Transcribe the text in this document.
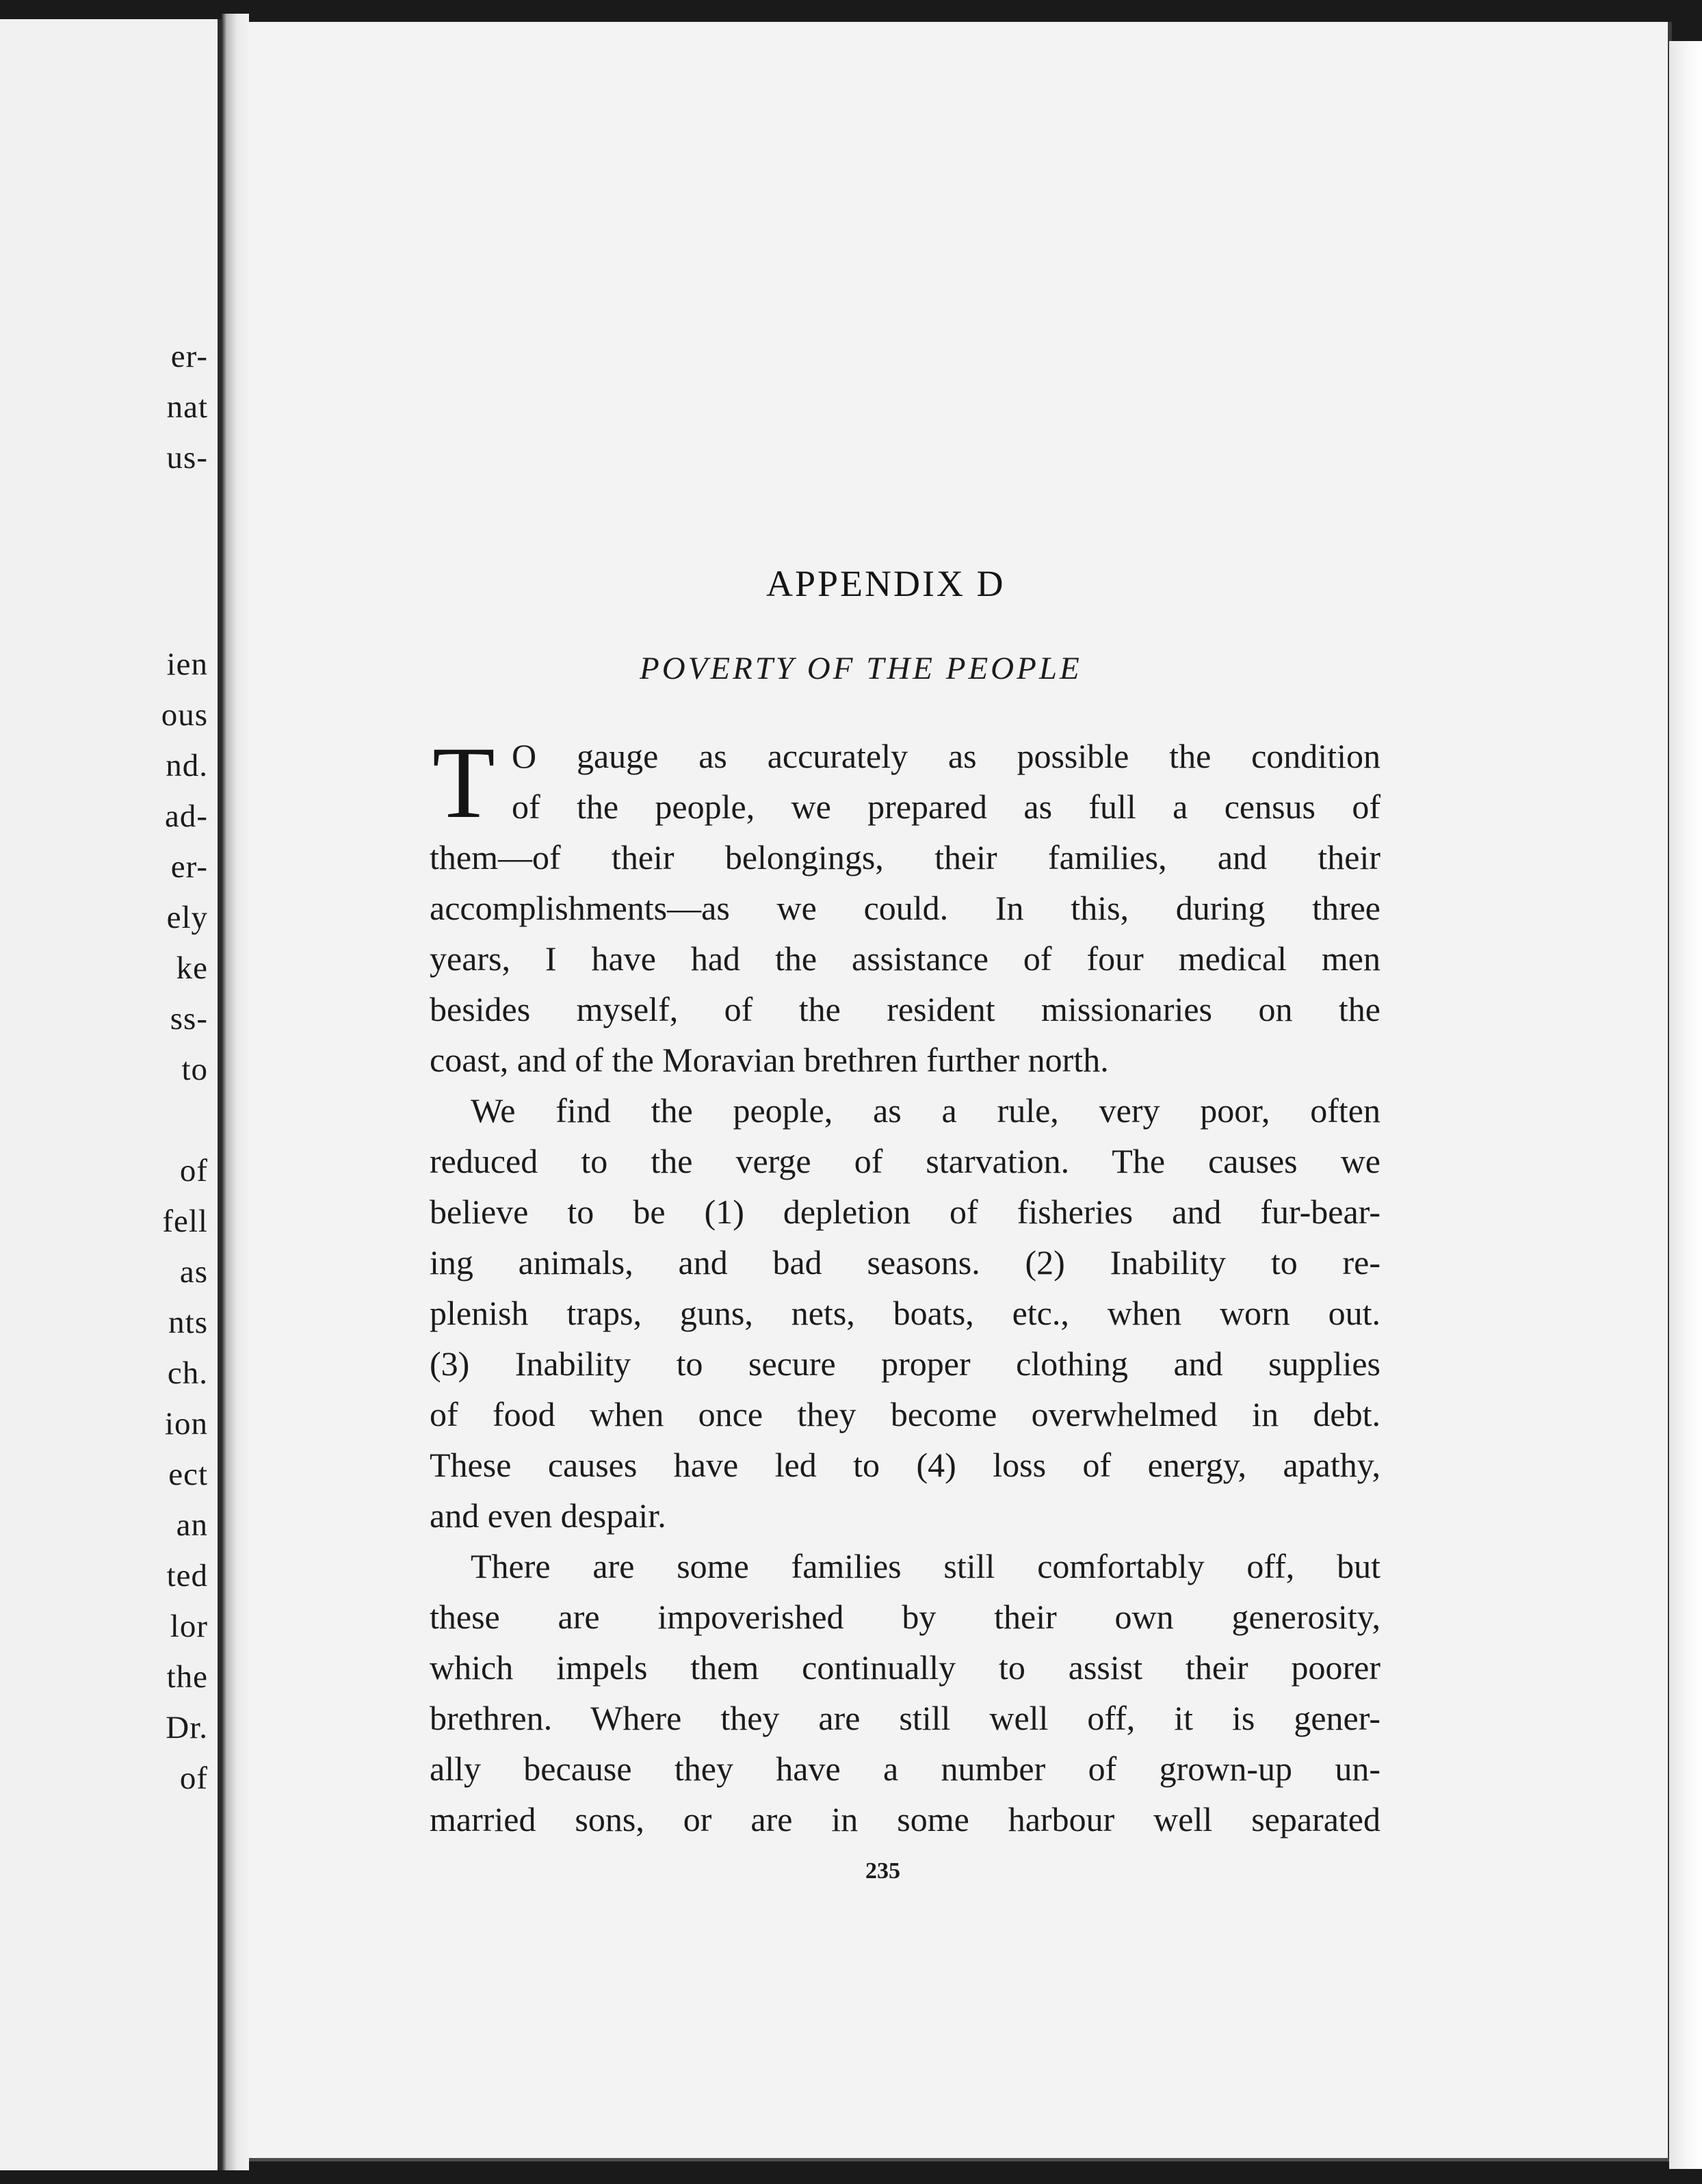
er-
nat
us-
ien
ous
nd.
ad-
er-
ely
ke
ss-
to
of
fell
as
nts
ch.
ion
ect
an
ted
lor
the
Dr.
of
APPENDIX D
POVERTY OF THE PEOPLE
T O gauge as accurately as possible the condition
of the people, we prepared as full a census of
them—of their belongings, their families, and their
accomplishments—as we could. In this, during three
years, I have had the assistance of four medical men
besides myself, of the resident missionaries on the
coast, and of the Moravian brethren further north.
We find the people, as a rule, very poor, often
reduced to the verge of starvation. The causes we
believe to be (1) depletion of fisheries and fur-bear-
ing animals, and bad seasons. (2) Inability to re-
plenish traps, guns, nets, boats, etc., when worn out.
(3) Inability to secure proper clothing and supplies
of food when once they become overwhelmed in debt.
These causes have led to (4) loss of energy, apathy,
and even despair.
There are some families still comfortably off, but
these are impoverished by their own generosity,
which impels them continually to assist their poorer
brethren. Where they are still well off, it is gener-
ally because they have a number of grown-up un-
married sons, or are in some harbour well separated
235
